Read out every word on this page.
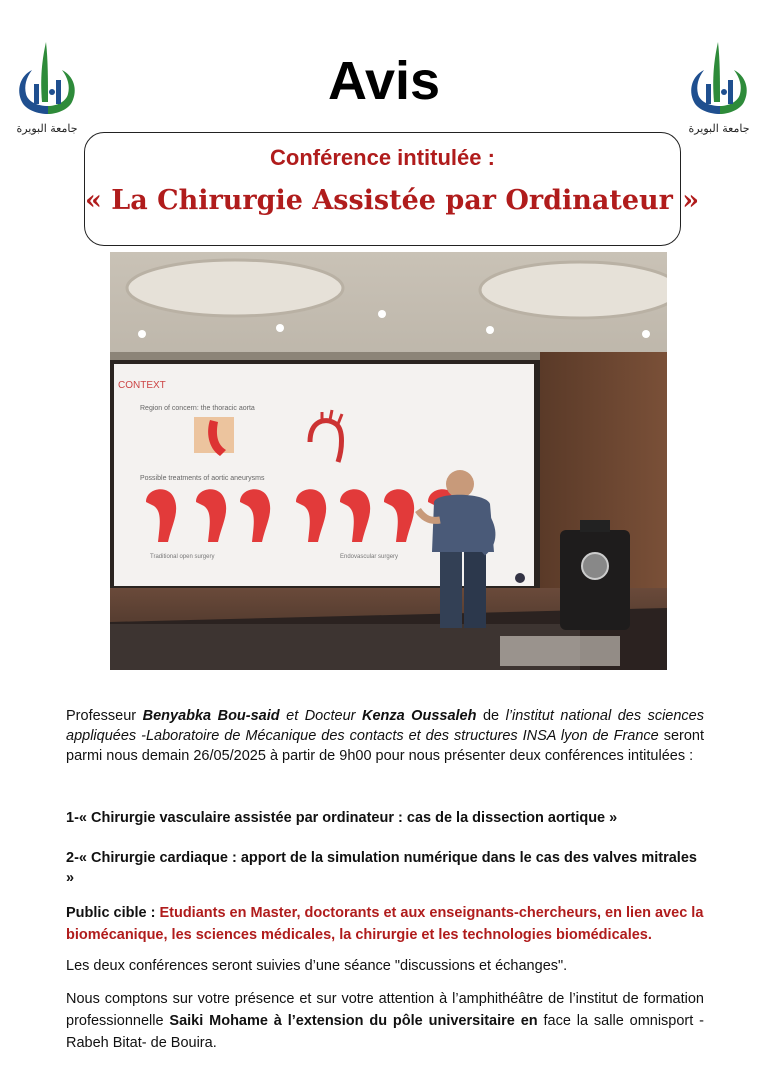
جامعة البويرة	جامعة البويرة
Avis
Conférence intitulée :
« La Chirurgie Assistée par Ordinateur »
CONTEXT
Region of concern: the thoracic aorta
Possible treatments of aortic aneurysms
Traditional open surgery	Endovascular surgery
Professeur Benyabka Bou-said et Docteur Kenza Oussaleh de l’institut national des sciences appliquées -Laboratoire de Mécanique des contacts et des structures INSA lyon de France seront parmi nous demain 26/05/2025 à partir de 9h00 pour nous présenter deux conférences intitulées :
1-« Chirurgie vasculaire assistée par ordinateur : cas de la dissection aortique »
2-« Chirurgie cardiaque : apport de la simulation numérique dans le cas des valves mitrales »
Public cible : Etudiants en Master, doctorants et aux enseignants-chercheurs, en lien avec la biomécanique, les sciences médicales, la chirurgie et les technologies biomédicales.
Les deux conférences seront suivies d’une séance "discussions et échanges".
Nous comptons sur votre présence et sur votre attention à l’amphithéâtre de l’institut de formation professionnelle Saiki Mohame à l’extension du pôle universitaire en face la salle omnisport -Rabeh Bitat- de Bouira.
